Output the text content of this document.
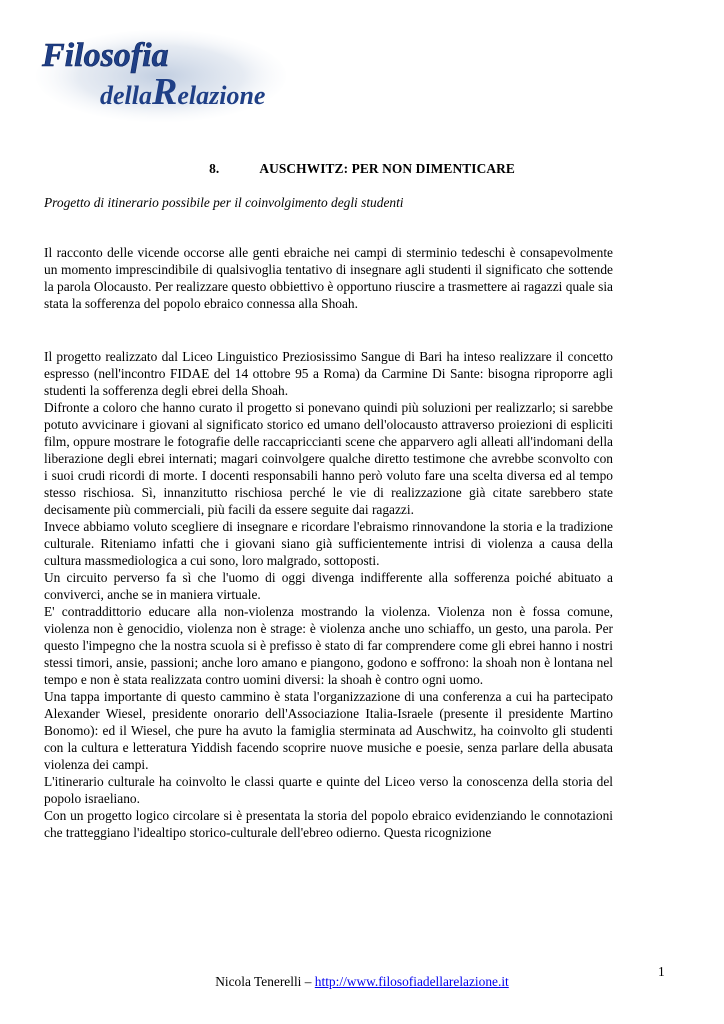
Filosofia
dellaRelazione
8.	AUSCHWITZ: PER NON DIMENTICARE
Progetto di itinerario possibile per il coinvolgimento degli studenti

Il racconto delle vicende occorse alle genti ebraiche nei campi di sterminio tedeschi è consapevolmente un momento imprescindibile di qualsivoglia tentativo di insegnare agli studenti il significato che sottende la parola Olocausto. Per realizzare questo obbiettivo è opportuno riuscire a trasmettere ai ragazzi quale sia stata la sofferenza del popolo ebraico connessa alla Shoah.

Il progetto realizzato dal Liceo Linguistico Preziosissimo Sangue di Bari ha inteso realizzare il concetto espresso (nell'incontro FIDAE del 14 ottobre 95 a Roma) da Carmine Di Sante: bisogna riproporre agli studenti la sofferenza degli ebrei della Shoah.

Difronte a coloro che hanno curato il progetto si ponevano quindi più soluzioni per realizzarlo; si sarebbe potuto avvicinare i giovani al significato storico ed umano dell'olocausto attraverso proiezioni di espliciti film, oppure mostrare le fotografie delle raccapriccianti scene che apparvero agli alleati all'indomani della liberazione degli ebrei internati; magari coinvolgere qualche diretto testimone che avrebbe sconvolto con i suoi crudi ricordi di morte. I docenti responsabili hanno però voluto fare una scelta diversa ed al tempo stesso rischiosa. Sì, innanzitutto rischiosa perché le vie di realizzazione già citate sarebbero state decisamente più commerciali, più facili da essere seguite dai ragazzi.

Invece abbiamo voluto scegliere di insegnare e ricordare l'ebraismo rinnovandone la storia e la tradizione culturale. Riteniamo infatti che i giovani siano già sufficientemente intrisi di violenza a causa della cultura massmediologica a cui sono, loro malgrado, sottoposti.

Un circuito perverso fa sì che l'uomo di oggi divenga indifferente alla sofferenza poiché abituato a conviverci, anche se in maniera virtuale.

E' contraddittorio educare alla non-violenza mostrando la violenza. Violenza non è fossa comune, violenza non è genocidio, violenza non è strage: è violenza anche uno schiaffo, un gesto, una parola. Per questo l'impegno che la nostra scuola si è prefisso è stato di far comprendere come gli ebrei hanno i nostri stessi timori, ansie, passioni; anche loro amano e piangono, godono e soffrono: la shoah non è lontana nel tempo e non è stata realizzata contro uomini diversi: la shoah è contro ogni uomo.

Una tappa importante di questo cammino è stata l'organizzazione di una conferenza a cui ha partecipato Alexander Wiesel, presidente onorario dell'Associazione Italia-Israele (presente il presidente Martino Bonomo): ed il Wiesel, che pure ha avuto la famiglia sterminata ad Auschwitz, ha coinvolto gli studenti con la cultura e letteratura Yiddish facendo scoprire nuove musiche e poesie, senza parlare della abusata violenza dei campi.

L'itinerario culturale ha coinvolto le classi quarte e quinte del Liceo verso la conoscenza della storia del popolo israeliano.

Con un progetto logico circolare si è presentata la storia del popolo ebraico evidenziando le connotazioni che tratteggiano l'idealtipo storico-culturale dell'ebreo odierno. Questa ricognizione

1
Nicola Tenerelli – http://www.filosofiadellarelazione.it
